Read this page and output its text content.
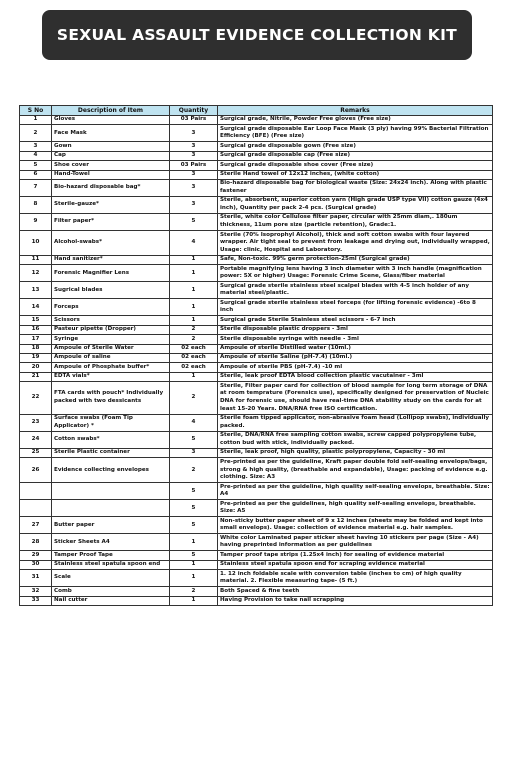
SEXUAL ASSAULT EVIDENCE COLLECTION KIT
S No	Description of Item	Quantity	Remarks
1	Gloves	03 Pairs	Surgical grade, Nitrile, Powder Free gloves (Free size)
2	Face Mask	3	Surgical grade disposable Ear Loop Face Mask (3 ply) having 99% Bacterial Filtration Efficiency (BFE) (Free size)
3	Gown	3	Surgical grade disposable gown (Free size)
4	Cap	3	Surgical grade disposable cap (Free size)
5	Shoe cover	03 Pairs	Surgical grade disposable shoe cover (Free size)
6	Hand-Towel	3	Sterile Hand towel of 12x12 inches, (white cotton)
7	Bio-hazard disposable bag*	3	Bio-hazard disposable bag for biological waste (Size: 24x24 inch). Along with plastic fastener
8	Sterile-gauze*	3	Sterile, absorbent, superior cotton yarn (High grade USP type VII) cotton gauze (4x4 inch), Quantity per pack 2-4 pcs. (Surgical grade)
9	Filter paper*	5	Sterile, white color Cellulose filter paper, circular with 25mm diam,. 180um thickness, 11um pore size (particle retention), Grade:1.
10	Alcohol-swabs*	4	Sterile (70% Isoprophyl Alcohol), thick and soft cotton swabs with four layered wrapper. Air tight seal to prevent from leakage and drying out, individually wrapped, Usage: clinic, Hospital and Laboratory.
11	Hand sanitizer*	1	Safe, Non-toxic. 99% germ protection-25ml (Surgical grade)
12	Forensic Magnifier Lens	1	Portable magnifying lens having 3 inch diameter with 3 inch handle (magnification power: 5X or higher) Usage: Forensic Crime Scene, Glass/fiber material
13	Sugrical blades	1	Surgical grade sterile stainless steel scalpel blades with 4-5 inch holder of any material steel/plastic.
14	Forceps	1	Surgical grade sterile stainless steel forceps (for lifting forensic evidence) -6to 8 inch
15	Scissors	1	Surgical grade Sterile Stainless steel scissors - 6-7 inch
16	Pasteur pipette (Dropper)	2	Sterile disposable plastic droppers - 3ml
17	Syringe	2	Sterile disposable syringe with needle - 3ml
18	Ampoule of Sterile Water	02 each	Ampoule of sterile Distilled water (10ml.)
19	Ampoule of saline	02 each	Ampoule of sterile Saline (pH-7.4) (10ml.)
20	Ampoule of Phosphate buffer*	02 each	Ampoule of sterile PBS (pH-7.4) -10 ml
21	EDTA vials*	1	Sterile, leak proof EDTA blood collection plastic vacutainer - 3ml
22	FTA cards with pouch* Individually packed with two dessicants	2	Sterile, Filter paper card for collection of blood sample for long term storage of DNA at room temprature (Forensics use), specifically designed for preservation of Nucleic DNA for forensic use, should have real-time DNA stability study on the cards for at least 15-20 Years. DNA/RNA free ISO certification.
23	Surface swabs (Foam Tip Applicator) *	4	Sterile foam tipped applicator, non-abrasive foam head (Lollipop swabs), individually packed.
24	Cotton swabs*	5	Sterile, DNA/RNA free sampling cotton swabs, screw capped polypropylene tube, cotton bud with stick, individually packed.
25	Sterile Plastic container	3	Sterile, leak proof, high quality, plastic polypropylene, Capacity - 30 ml
26	Evidence collecting envelopes	2	Pre-printed as per the guideline, Kraft paper double fold self-sealing envelops/bags, strong & high quality, (breathable and expandable), Usage: packing of evidence e.g. clothing. Size: A3
		5	Pre-printed as per the guideline, high quality self-sealing envelops, breathable. Size: A4
		5	Pre-printed as per the guidelines, high quality self-sealing envelops, breathable. Size: A5
27	Butter paper	5	Non-sticky butter paper sheet of 9 x 12 inches (sheets may be folded and kept into small envelops). Usage: collection of evidence material e.g. hair samples.
28	Sticker Sheets A4	1	White color Laminated paper sticker sheet having 10 stickers per page (Size - A4) having preprinted information as per guidelines
29	Tamper Proof Tape	5	Tamper proof tape strips (1.25x4 inch) for sealing of evidence material
30	Stainless steel spatula spoon end	1	Stainless steel spatula spoon end for scraping evidence material
31	Scale	1	1. 12 inch foldable scale with conversion table (inches to cm) of high quality material. 2. Flexible measuring tape- (5 ft.)
32	Comb	2	Both Spaced & fine teeth
33	Nail cutter	1	Having Provision to take nail scrapping
